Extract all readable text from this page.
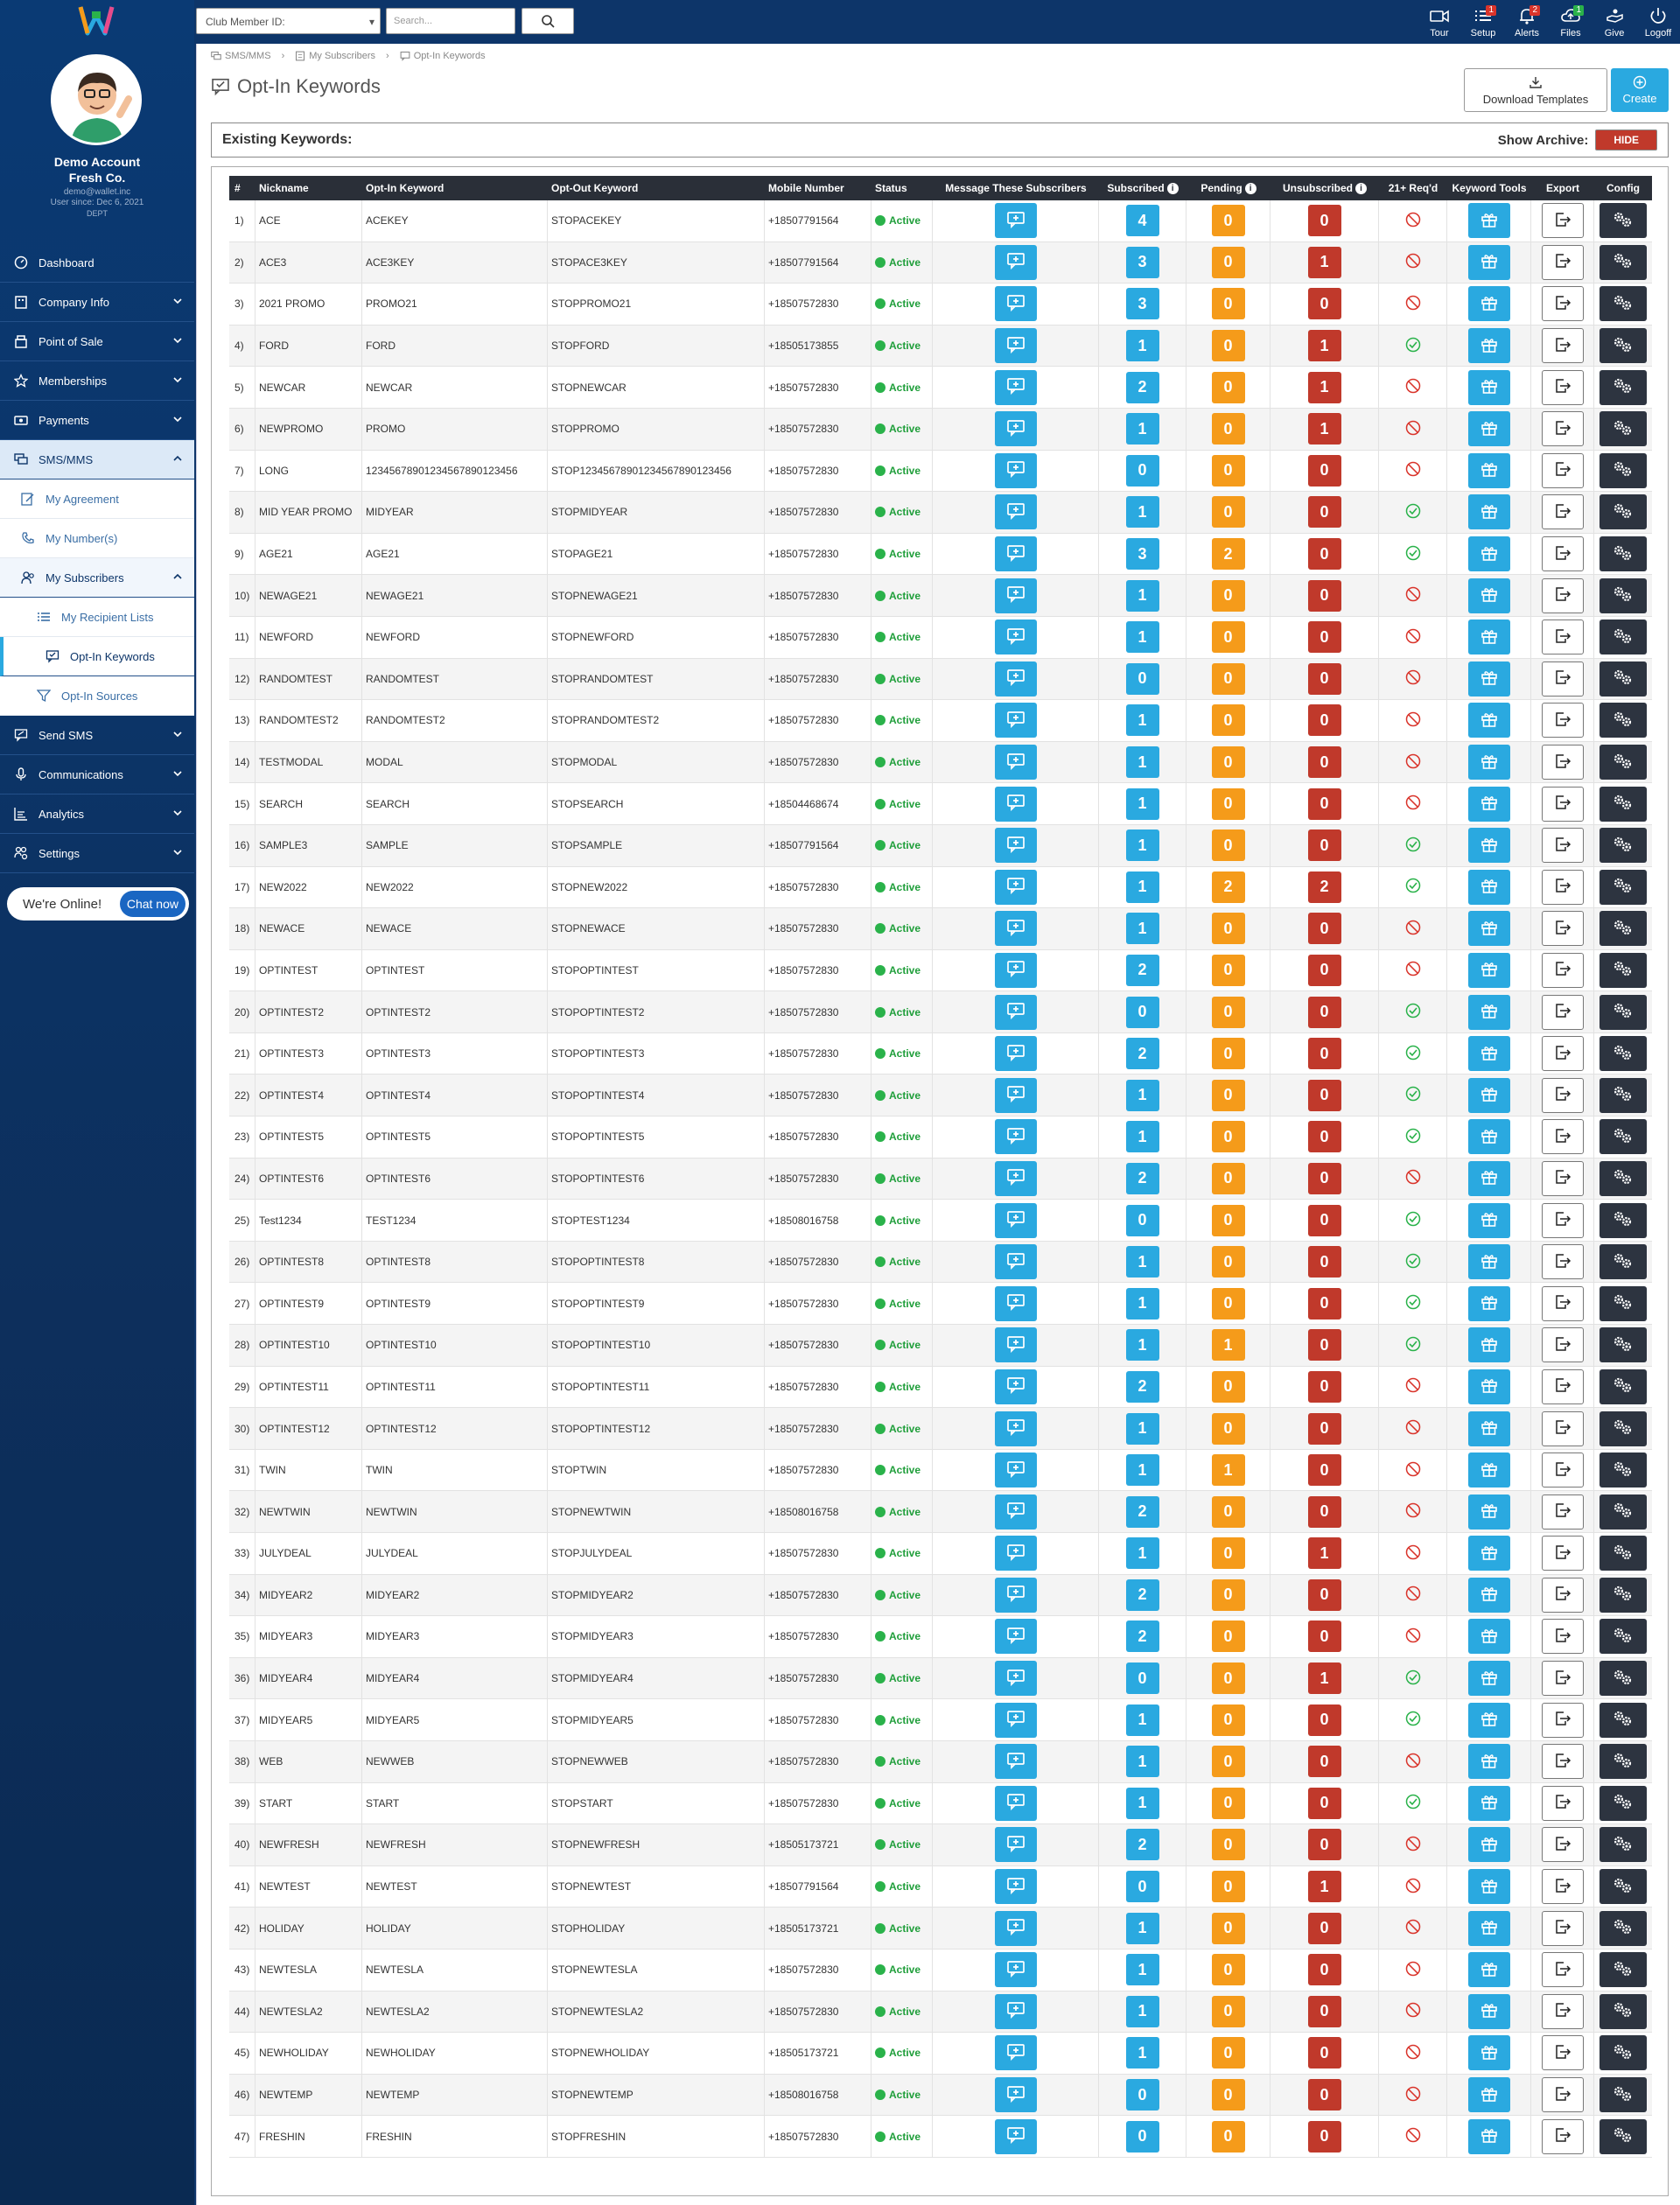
Club Member ID:	▾	Search...
Tour
1
Setup
2
Alerts
1
Files Give Logoff
Demo Account
Fresh Co.
demo@wallet.inc
User since: Dec 6, 2021
DEPT
Dashboard
Company Info
Point of Sale
Memberships
Payments
SMS/MMS
My Agreement
My Number(s)
My Subscribers
My Recipient Lists
Opt-In Keywords
Opt-In Sources
Send SMS
Communications
Analytics
Settings
We're Online!	Chat now
SMS/MMS ›	My Subscribers ›	Opt-In Keywords
Opt-In Keywords
Download Templates	Create
Existing Keywords:	Show Archive:	HIDE
#	Nickname	Opt-In Keyword	Opt-Out Keyword	Mobile Number	Status	Message These Subscribers	Subscribed i	Pending i	Unsubscribed i	21+ Req'd	Keyword Tools	Export	Config
1)	ACE	ACEKEY	STOPACEKEY	+18507791564	Active	4	0	0
2)	ACE3	ACE3KEY	STOPACE3KEY	+18507791564	Active	3	0	1
3)	2021 PROMO	PROMO21	STOPPROMO21	+18507572830	Active	3	0	0
4)	FORD	FORD	STOPFORD	+18505173855	Active	1	0	1
5)	NEWCAR	NEWCAR	STOPNEWCAR	+18507572830	Active	2	0	1
6)	NEWPROMO	PROMO	STOPPROMO	+18507572830	Active	1	0	1
7)	LONG	12345678901234567890123456	STOP12345678901234567890123456	+18507572830	Active	0	0	0
8)	MID YEAR PROMO	MIDYEAR	STOPMIDYEAR	+18507572830	Active	1	0	0
9)	AGE21	AGE21	STOPAGE21	+18507572830	Active	3	2	0
10) NEWAGE21	NEWAGE21	STOPNEWAGE21	+18507572830	Active	1	0	0
11) NEWFORD	NEWFORD	STOPNEWFORD	+18507572830	Active	1	0	0
12) RANDOMTEST	RANDOMTEST	STOPRANDOMTEST	+18507572830	Active	0	0	0
13) RANDOMTEST2	RANDOMTEST2	STOPRANDOMTEST2	+18507572830	Active	1	0	0
14) TESTMODAL	MODAL	STOPMODAL	+18507572830	Active	1	0	0
15) SEARCH	SEARCH	STOPSEARCH	+18504468674	Active	1	0	0
16) SAMPLE3	SAMPLE	STOPSAMPLE	+18507791564	Active	1	0	0
17) NEW2022	NEW2022	STOPNEW2022	+18507572830	Active	1	2	2
18) NEWACE	NEWACE	STOPNEWACE	+18507572830	Active	1	0	0
19) OPTINTEST	OPTINTEST	STOPOPTINTEST	+18507572830	Active	2	0	0
20) OPTINTEST2	OPTINTEST2	STOPOPTINTEST2	+18507572830	Active	0	0	0
21) OPTINTEST3	OPTINTEST3	STOPOPTINTEST3	+18507572830	Active	2	0	0
22) OPTINTEST4	OPTINTEST4	STOPOPTINTEST4	+18507572830	Active	1	0	0
23) OPTINTEST5	OPTINTEST5	STOPOPTINTEST5	+18507572830	Active	1	0	0
24) OPTINTEST6	OPTINTEST6	STOPOPTINTEST6	+18507572830	Active	2	0	0
25) Test1234	TEST1234	STOPTEST1234	+18508016758	Active	0	0	0
26) OPTINTEST8	OPTINTEST8	STOPOPTINTEST8	+18507572830	Active	1	0	0
27) OPTINTEST9	OPTINTEST9	STOPOPTINTEST9	+18507572830	Active	1	0	0
28) OPTINTEST10	OPTINTEST10	STOPOPTINTEST10	+18507572830	Active	1	1	0
29) OPTINTEST11	OPTINTEST11	STOPOPTINTEST11	+18507572830	Active	2	0	0
30) OPTINTEST12	OPTINTEST12	STOPOPTINTEST12	+18507572830	Active	1	0	0
31) TWIN	TWIN	STOPTWIN	+18507572830	Active	1	1	0
32) NEWTWIN	NEWTWIN	STOPNEWTWIN	+18508016758	Active	2	0	0
33) JULYDEAL	JULYDEAL	STOPJULYDEAL	+18507572830	Active	1	0	1
34) MIDYEAR2	MIDYEAR2	STOPMIDYEAR2	+18507572830	Active	2	0	0
35) MIDYEAR3	MIDYEAR3	STOPMIDYEAR3	+18507572830	Active	2	0	0
36) MIDYEAR4	MIDYEAR4	STOPMIDYEAR4	+18507572830	Active	0	0	1
37) MIDYEAR5	MIDYEAR5	STOPMIDYEAR5	+18507572830	Active	1	0	0
38) WEB	NEWWEB	STOPNEWWEB	+18507572830	Active	1	0	0
39) START	START	STOPSTART	+18507572830	Active	1	0	0
40) NEWFRESH	NEWFRESH	STOPNEWFRESH	+18505173721	Active	2	0	0
41) NEWTEST	NEWTEST	STOPNEWTEST	+18507791564	Active	0	0	1
42) HOLIDAY	HOLIDAY	STOPHOLIDAY	+18505173721	Active	1	0	0
43) NEWTESLA	NEWTESLA	STOPNEWTESLA	+18507572830	Active	1	0	0
44) NEWTESLA2	NEWTESLA2	STOPNEWTESLA2	+18507572830	Active	1	0	0
45) NEWHOLIDAY	NEWHOLIDAY	STOPNEWHOLIDAY	+18505173721	Active	1	0	0
46) NEWTEMP	NEWTEMP	STOPNEWTEMP	+18508016758	Active	0	0	0
47) FRESHIN	FRESHIN	STOPFRESHIN	+18507572830	Active	0	0	0
